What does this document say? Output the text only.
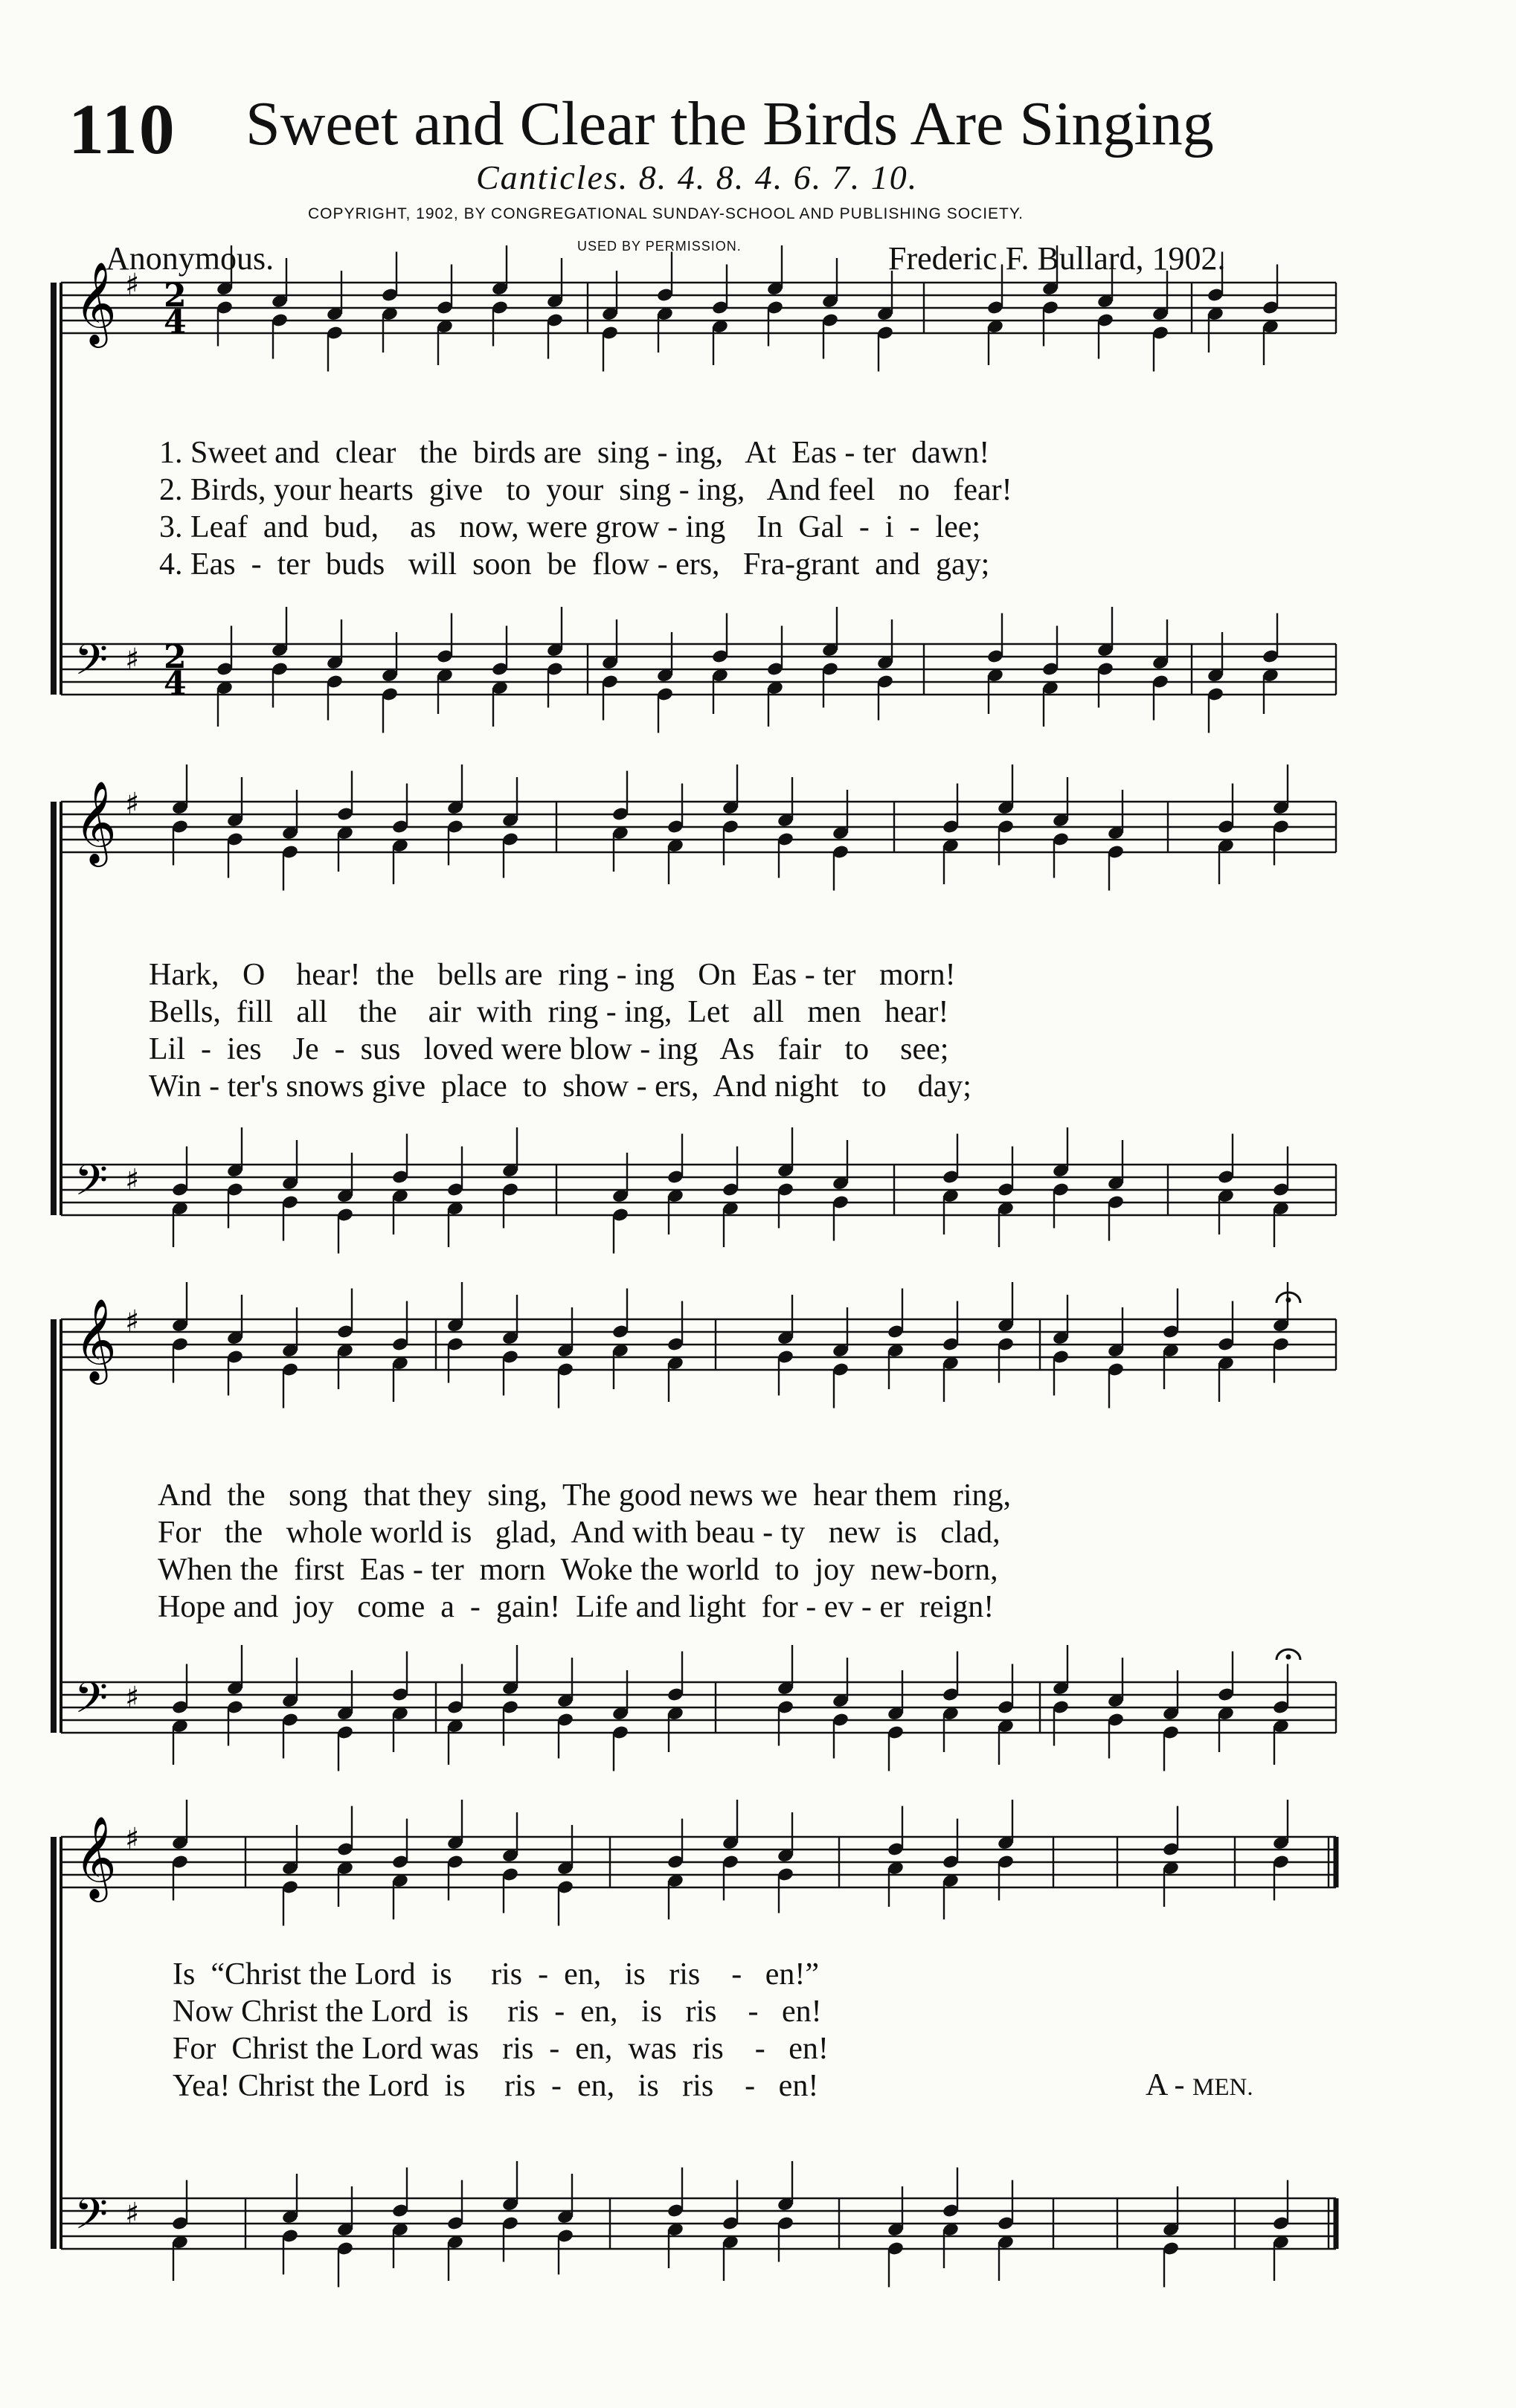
110 Sweet and Clear the Birds Are Singing
Canticles. 8. 4. 8. 4. 6. 7. 10.
COPYRIGHT, 1902, BY CONGREGATIONAL SUNDAY-SCHOOL AND PUBLISHING SOCIETY.
Anonymous.	USED BY PERMISSION.	Frederic F. Bullard, 1902.
𝄞 ♯ 2
4
𝄢 ♯ 2
4
𝄞 ♯
𝄢 ♯
𝄞 ♯
𝄢 ♯
𝄞 ♯
𝄢 ♯
1. Sweet and  clear   the  birds are  sing - ing,   At  Eas - ter  dawn!
2. Birds, your hearts  give   to  your  sing - ing,   And feel   no   fear!
3. Leaf  and  bud,    as   now, were grow - ing    In  Gal  -  i  -  lee;
4. Eas  -  ter  buds   will  soon  be  flow - ers,   Fra-grant  and  gay;
Hark,   O    hear!  the   bells are  ring - ing   On  Eas - ter   morn!
Bells,  fill   all    the    air  with  ring - ing,  Let   all   men   hear!
Lil  -  ies    Je  -  sus   loved were blow - ing   As   fair   to    see;
Win - ter's snows give  place  to  show - ers,  And night   to    day;
And  the   song  that they  sing,  The good news we  hear them  ring,
For   the   whole world is   glad,  And with beau - ty   new  is   clad,
When the  first  Eas - ter  morn  Woke the world  to  joy  new-born,
Hope and  joy   come  a  -  gain!  Life and light  for - ev - er  reign!
Is  “Christ the Lord  is     ris  -  en,   is   ris    -   en!”
Now Christ the Lord  is     ris  -  en,   is   ris    -   en!
For  Christ the Lord was   ris  -  en,  was  ris    -   en!
Yea! Christ the Lord  is     ris  -  en,   is   ris    -   en!	A - MEN.
